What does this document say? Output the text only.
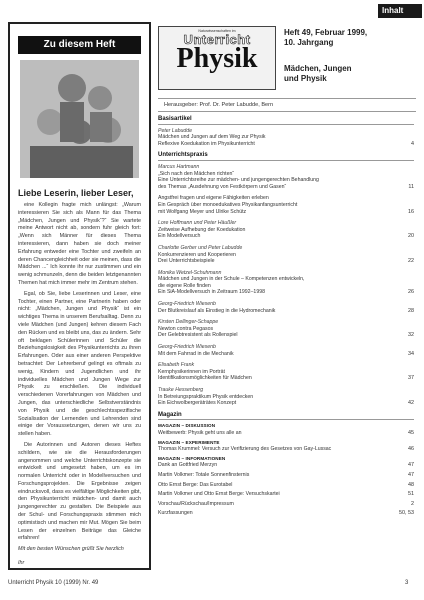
Inhalt
Zu diesem Heft
Liebe Leserin, lieber Leser,

eine Kollegin fragte mich unlängst: „Warum interessieren Sie sich als Mann für das Thema „Mädchen, Jungen und Physik“?“ Sie wartete meine Antwort nicht ab, sondern fuhr gleich fort: „Wenn sich Männer für dieses Thema interessieren, dann haben sie doch meiner Erfahrung entweder eine Tochter und zweifeln an deren Chancengleichheit oder sie meinen, dass die Mädchen ...“ Ich konnte ihr nur zustimmen und ein wenig schmunzeln, denn die beiden letztgenannten Themen hat mich immer mehr im Zentrum stehen.

Egal, ob Sie, liebe Leserinnen und Leser, eine Tochter, einen Partner, eine Partnerin haben oder nicht: „Mädchen, Jungen und Physik“ ist ein wichtiges Thema in unserem Berufsalltag. Denn zu viele Mädchen (und Jungen) kehren diesem Fach den Rücken und es bleibt uns, das zu ändern. Sehr oft beklagen Schülerinnen und Schüler die Beziehungslosigkeit des Physikunterrichts zu ihren Erfahrungen. Oder aus einer anderen Perspektive betrachtet: Der Lehrerberuf gelingt es oftmals zu wenig, Kindern und Jugendlichen und ihr individuelles Mädchen und Jungen Wege zur Physik zu erschließen. Die individuell verschiedenen Vorerfahrungen von Mädchen und Jungen, das unterschiedliche Selbstverständnis von Physik und die geschlechtsspezifische Sozialisation der Lernenden und Lehrenden sind einige der Voraussetzungen, denen wir uns zu stellen haben.

Die Autorinnen und Autoren dieses Heftes schildern, wie sie die Herausforderungen angenommen und welche Unterrichtskonzepte sie entwickelt und umgesetzt haben, um es im normalen Unterricht oder in Modellversuchen und Forschungsprojekten. Die Ergebnisse zeigen eindrucksvoll, dass es vielfältige Möglichkeiten gibt, den Physikunterricht mädchen- und damit auch jungengerechter zu gestalten. Die Beispiele aus der Schul- und Forschungspraxis stimmen mich optimistisch und machen mir Mut. Mögen Sie beim Lesen der einzelnen Beiträge das Gleiche erfahren!

Mit den besten Wünschen grüßt Sie herzlich

Ihr

Naturwissenschaften im
Unterricht
Physik
Heft 49, Februar 1999,
10. Jahrgang
Mädchen, Jungen
und Physik
Herausgeber: Prof. Dr. Peter Labudde, Bern
Basisartikel
Peter Labudde
Mädchen und Jungen auf dem Weg zur Physik
Reflexive Koedukation im Physikunterricht	4
Unterrichtspraxis
Marcus Hartmann
„Sich nach den Mädchen richten“
Eine Unterrichtsreihe zur mädchen- und jungengerechten Behandlung
des Themas „Ausdehnung von Festkörpern und Gasen“	11
Angstfrei fragen und eigene Fähigkeiten erleben
Ein Gespräch über monoedukatives Physikanfangsunterricht
mit Wolfgang Meyer und Ulrike Schütz	16
Lore Hoffmann und Peter Häußler
Zeitweise Aufhebung der Koedukation
Ein Modellversuch	20
Charlotte Gerber und Peter Labudde
Konkurrenzieren und Kooperieren
Drei Unterrichtsbeispiele	22
Monika Wetzel-Schuhmann
Mädchen und Jungen in der Schule – Kompetenzen entwickeln,
die eigene Rolle finden
Ein SiA-Modellversuch in Zeitraum 1992–1998	26
Georg-Friedrich Wiesenb
Der Blutkreislauf als Einstieg in die Hydromechanik	28
Kirsten Dellinger-Schappe
Newton contra Pegasos
Der Gelebtresistent als Rollenspiel	32
Georg-Friedrich Wiesenb
Mit dem Fahrrad in die Mechanik	34
Elisabeth Frank
Kernphysikerinnen im Porträt
Identifikationsmöglichkeiten für Mädchen	37
Trauke Hessenberg
In Betreiungspraktikum Physik entdecken
Ein Eichwolbergeräträtes Konzept	42
Magazin
MAGAZIN – DISKUSSION
Weitbewerb: Physik geht uns alle an	45
MAGAZIN – EXPERIMENTE
Thomas Krummel: Versuch zur Verifizierung des Gesetzes von Gay-Lussac	46
MAGAZIN – INFORMATIONEN
Dank an Gottfried Merzyn	47
Martin Volkmer: Totale Sonnenfinsternis	47
Otto Ernst Berge: Das Eurotabel	48
Martin Volkmer und Otto Ernst Berge: Versuchskartei	51
Vorschau/Rückschau/Impressum	2
Kurzfassungen	50, 53
Unterricht Physik 10 (1999) Nr. 49	3
